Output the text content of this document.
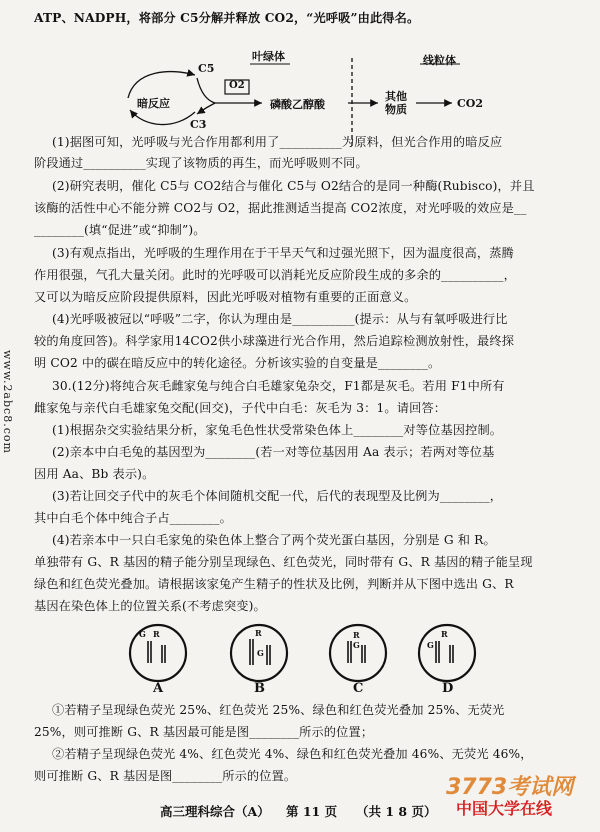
ATP、NADPH，将部分 C5分解并释放 CO2，“光呼吸”由此得名。
叶绿体	线粒体
暗反应
C5
C3
O2
磷酸乙醇酸
其他
物质	CO2
(1)据图可知，光呼吸与光合作用都利用了__________为原料，但光合作用的暗反应
阶段通过__________实现了该物质的再生，而光呼吸则不同。
(2)研究表明，催化 C5与 CO2结合与催化 C5与 O2结合的是同一种酶(Rubisco)，并且
该酶的活性中心不能分辨 CO2与 O2，据此推测适当提高 CO2浓度，对光呼吸的效应是__
________(填“促进”或“抑制”)。
(3)有观点指出，光呼吸的生理作用在于干旱天气和过强光照下，因为温度很高，蒸腾
作用很强，气孔大量关闭。此时的光呼吸可以消耗光反应阶段生成的多余的__________，
又可以为暗反应阶段提供原料，因此光呼吸对植物有重要的正面意义。
(4)光呼吸被冠以“呼吸”二字，你认为理由是__________(提示：从与有氧呼吸进行比
较的角度回答)。科学家用14CO2供小球藻进行光合作用，然后追踪检测放射性，最终探
明 CO2 中的碳在暗反应中的转化途径。分析该实验的自变量是________。
www.2abc8.com	30.(12分)将纯合灰毛雌家兔与纯合白毛雄家兔杂交，F1都是灰毛。若用 F1中所有
雌家兔与亲代白毛雄家兔交配(回交)，子代中白毛：灰毛为 3：1。请回答：
(1)根据杂交实验结果分析，家兔毛色性状受常染色体上________对等位基因控制。
(2)亲本中白毛兔的基因型为________(若一对等位基因用 Aa 表示；若两对等位基
因用 Aa、Bb 表示)。
(3)若让回交子代中的灰毛个体间随机交配一代，后代的表现型及比例为________，
其中白毛个体中纯合子占________。
(4)若亲本中一只白毛家兔的染色体上整合了两个荧光蛋白基因，分别是 G 和 R。
单独带有 G、R 基因的精子能分别呈现绿色、红色荧光，同时带有 G、R 基因的精子能呈现
绿色和红色荧光叠加。请根据该家兔产生精子的性状及比例，判断并从下图中选出 G、R
基因在染色体上的位置关系(不考虑突变)。
G R	R
G
R
G	G
R
A	B	C	D
①若精子呈现绿色荧光 25%、红色荧光 25%、绿色和红色荧光叠加 25%、无荧光
25%，则可推断 G、R 基因最可能是图________所示的位置；
②若精子呈现绿色荧光 4%、红色荧光 4%、绿色和红色荧光叠加 46%、无荧光 46%，
则可推断 G、R 基因是图________所示的位置。
高三理科综合（A） 第 11 页 （共 1 8 页）
3773考试网
中国大学在线
